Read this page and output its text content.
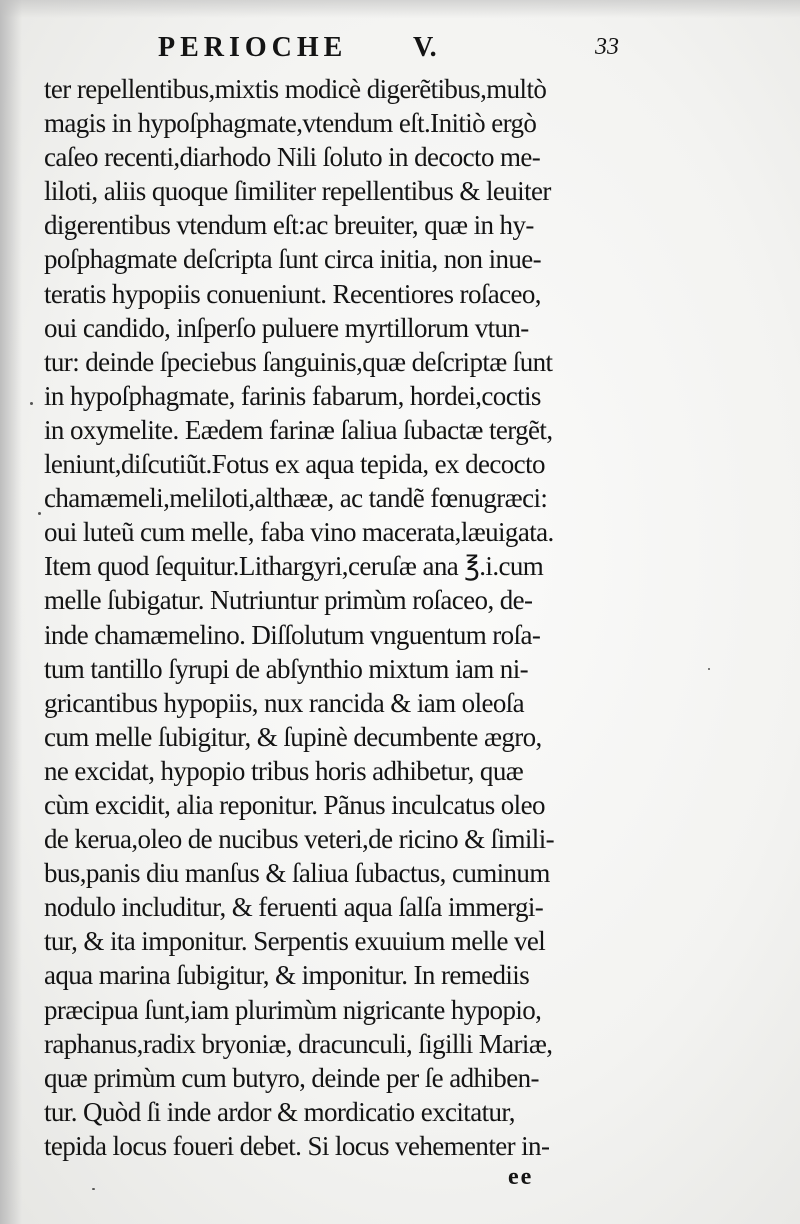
PERIOCHE V.	33
ter repellentibus,mixtis modicè digerẽtibus,multò
magis in hypoſphagmate,vtendum eſt.Initiò ergò
caſeo recenti,diarhodo Nili ſoluto in decocto me-
liloti, aliis quoque ſimiliter repellentibus & leuiter
digerentibus vtendum eſt:ac breuiter, quæ in hy-
poſphagmate deſcripta ſunt circa initia, non inue-
teratis hypopiis conueniunt. Recentiores roſaceo,
oui candido, inſperſo puluere myrtillorum vtun-
tur: deinde ſpeciebus ſanguinis,quæ deſcriptæ ſunt
in hypoſphagmate, farinis fabarum, hordei,coctis
in oxymelite. Eædem farinæ ſaliua ſubactæ tergẽt,
leniunt,diſcutiũt.Fotus ex aqua tepida, ex decocto
chamæmeli,meliloti,althææ, ac tandẽ fœnugræci:
oui luteũ cum melle, faba vino macerata,læuigata.
Item quod ſequitur.Lithargyri,ceruſæ ana ℥.i.cum
melle ſubigatur. Nutriuntur primùm roſaceo, de-
inde chamæmelino. Diſſolutum vnguentum roſa-
tum tantillo ſyrupi de abſynthio mixtum iam ni-
gricantibus hypopiis, nux rancida & iam oleoſa
cum melle ſubigitur, & ſupinè decumbente ægro,
ne excidat, hypopio tribus horis adhibetur, quæ
cùm excidit, alia reponitur. Pãnus inculcatus oleo
de kerua,oleo de nucibus veteri,de ricino & ſimili-
bus,panis diu manſus & ſaliua ſubactus, cuminum
nodulo includitur, & feruenti aqua ſalſa immergi-
tur, & ita imponitur. Serpentis exuuium melle vel
aqua marina ſubigitur, & imponitur. In remediis
præcipua ſunt,iam plurimùm nigricante hypopio,
raphanus,radix bryoniæ, dracunculi, ſigilli Mariæ,
quæ primùm cum butyro, deinde per ſe adhiben-
tur. Quòd ſi inde ardor & mordicatio excitatur,
tepida locus foueri debet. Si locus vehementer in-
ee
